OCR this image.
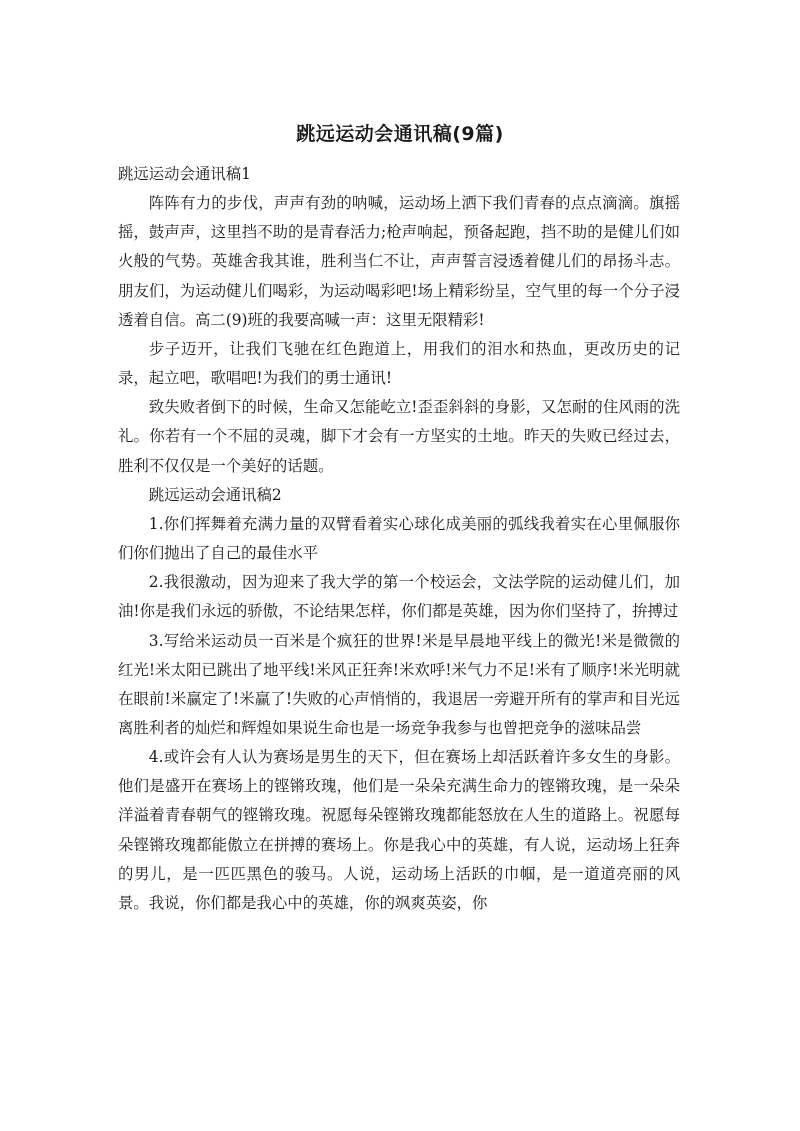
跳远运动会通讯稿(9篇)

跳远运动会通讯稿1

阵阵有力的步伐，声声有劲的呐喊，运动场上洒下我们青春的点点滴滴。旗摇摇，鼓声声，这里挡不助的是青春活力;枪声响起，预备起跑，挡不助的是健儿们如火般的气势。英雄舍我其谁，胜利当仁不让，声声誓言浸透着健儿们的昂扬斗志。朋友们，为运动健儿们喝彩，为运动喝彩吧!场上精彩纷呈，空气里的每一个分子浸透着自信。高二(9)班的我要高喊一声：这里无限精彩!

步子迈开，让我们飞驰在红色跑道上，用我们的泪水和热血，更改历史的记录，起立吧，歌唱吧!为我们的勇士通讯!

致失败者倒下的时候，生命又怎能屹立!歪歪斜斜的身影，又怎耐的住风雨的洗礼。你若有一个不屈的灵魂，脚下才会有一方坚实的土地。昨天的失败已经过去，胜利不仅仅是一个美好的话题。

跳远运动会通讯稿2

1.你们挥舞着充满力量的双臂看着实心球化成美丽的弧线我着实在心里佩服你们你们抛出了自己的最佳水平

2.我很激动，因为迎来了我大学的第一个校运会，文法学院的运动健儿们，加油!你是我们永远的骄傲，不论结果怎样，你们都是英雄，因为你们坚持了，拚搏过

3.写给米运动员一百米是个疯狂的世界!米是早晨地平线上的微光!米是微微的红光!米太阳已跳出了地平线!米风正狂奔!米欢呼!米气力不足!米有了顺序!米光明就在眼前!米赢定了!米赢了!失败的心声悄悄的，我退居一旁避开所有的掌声和目光远离胜利者的灿烂和辉煌如果说生命也是一场竞争我参与也曾把竞争的滋味品尝

4.或许会有人认为赛场是男生的天下，但在赛场上却活跃着许多女生的身影。他们是盛开在赛场上的铿锵玫瑰，他们是一朵朵充满生命力的铿锵玫瑰，是一朵朵洋溢着青春朝气的铿锵玫瑰。祝愿每朵铿锵玫瑰都能怒放在人生的道路上。祝愿每朵铿锵玫瑰都能傲立在拼搏的赛场上。你是我心中的英雄，有人说，运动场上狂奔的男儿，是一匹匹黑色的骏马。人说，运动场上活跃的巾帼，是一道道亮丽的风景。我说，你们都是我心中的英雄，你的飒爽英姿，你
